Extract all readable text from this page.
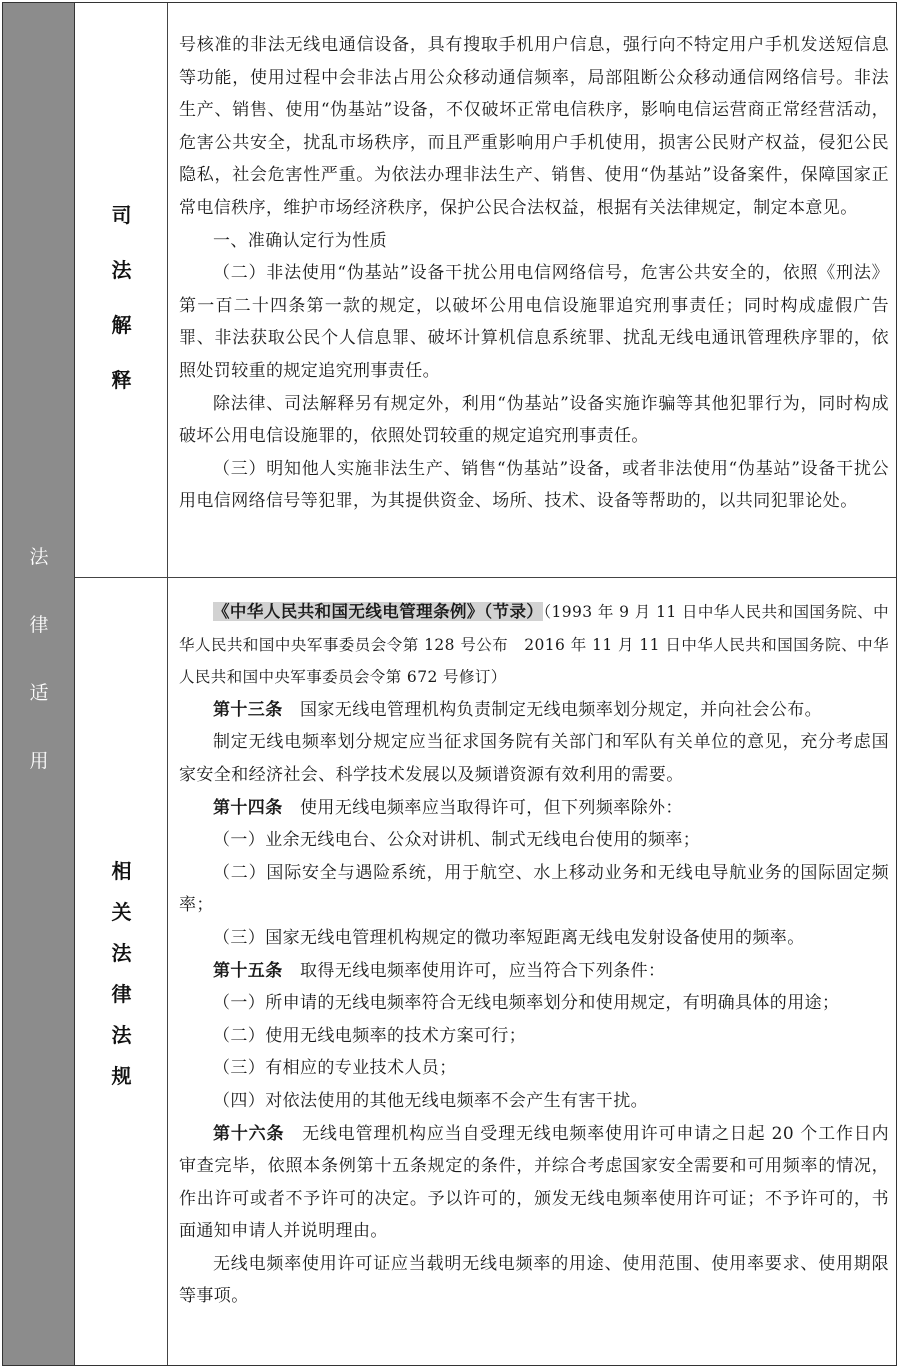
法
律
适
用
司
法
解
释
相
关
法
律
法
规

号核准的非法无线电通信设备，具有搜取手机用户信息，强行向不特定用户手机发送短信息等功能，使用过程中会非法占用公众移动通信频率，局部阻断公众移动通信网络信号。非法生产、销售、使用“伪基站”设备，不仅破坏正常电信秩序，影响电信运营商正常经营活动，危害公共安全，扰乱市场秩序，而且严重影响用户手机使用，损害公民财产权益，侵犯公民隐私，社会危害性严重。为依法办理非法生产、销售、使用“伪基站”设备案件，保障国家正常电信秩序，维护市场经济秩序，保护公民合法权益，根据有关法律规定，制定本意见。

一、准确认定行为性质

（二）非法使用“伪基站”设备干扰公用电信网络信号，危害公共安全的，依照《刑法》第一百二十四条第一款的规定，以破坏公用电信设施罪追究刑事责任；同时构成虚假广告罪、非法获取公民个人信息罪、破坏计算机信息系统罪、扰乱无线电通讯管理秩序罪的，依照处罚较重的规定追究刑事责任。

除法律、司法解释另有规定外，利用“伪基站”设备实施诈骗等其他犯罪行为，同时构成破坏公用电信设施罪的，依照处罚较重的规定追究刑事责任。

（三）明知他人实施非法生产、销售“伪基站”设备，或者非法使用“伪基站”设备干扰公用电信网络信号等犯罪，为其提供资金、场所、技术、设备等帮助的，以共同犯罪论处。

《中华人民共和国无线电管理条例》（节录）（1993 年 9 月 11 日中华人民共和国国务院、中华人民共和国中央军事委员会令第 128 号公布　2016 年 11 月 11 日中华人民共和国国务院、中华人民共和国中央军事委员会令第 672 号修订）

第十三条　 国家无线电管理机构负责制定无线电频率划分规定，并向社会公布。

制定无线电频率划分规定应当征求国务院有关部门和军队有关单位的意见，充分考虑国家安全和经济社会、科学技术发展以及频谱资源有效利用的需要。

第十四条　 使用无线电频率应当取得许可，但下列频率除外：

（一）业余无线电台、公众对讲机、制式无线电台使用的频率；

（二）国际安全与遇险系统，用于航空、水上移动业务和无线电导航业务的国际固定频率；

（三）国家无线电管理机构规定的微功率短距离无线电发射设备使用的频率。

第十五条　 取得无线电频率使用许可，应当符合下列条件：

（一）所申请的无线电频率符合无线电频率划分和使用规定，有明确具体的用途；

（二）使用无线电频率的技术方案可行；

（三）有相应的专业技术人员；

（四）对依法使用的其他无线电频率不会产生有害干扰。

第十六条　 无线电管理机构应当自受理无线电频率使用许可申请之日起 20 个工作日内审查完毕，依照本条例第十五条规定的条件，并综合考虑国家安全需要和可用频率的情况，作出许可或者不予许可的决定。予以许可的，颁发无线电频率使用许可证；不予许可的，书面通知申请人并说明理由。

无线电频率使用许可证应当载明无线电频率的用途、使用范围、使用率要求、使用期限等事项。
